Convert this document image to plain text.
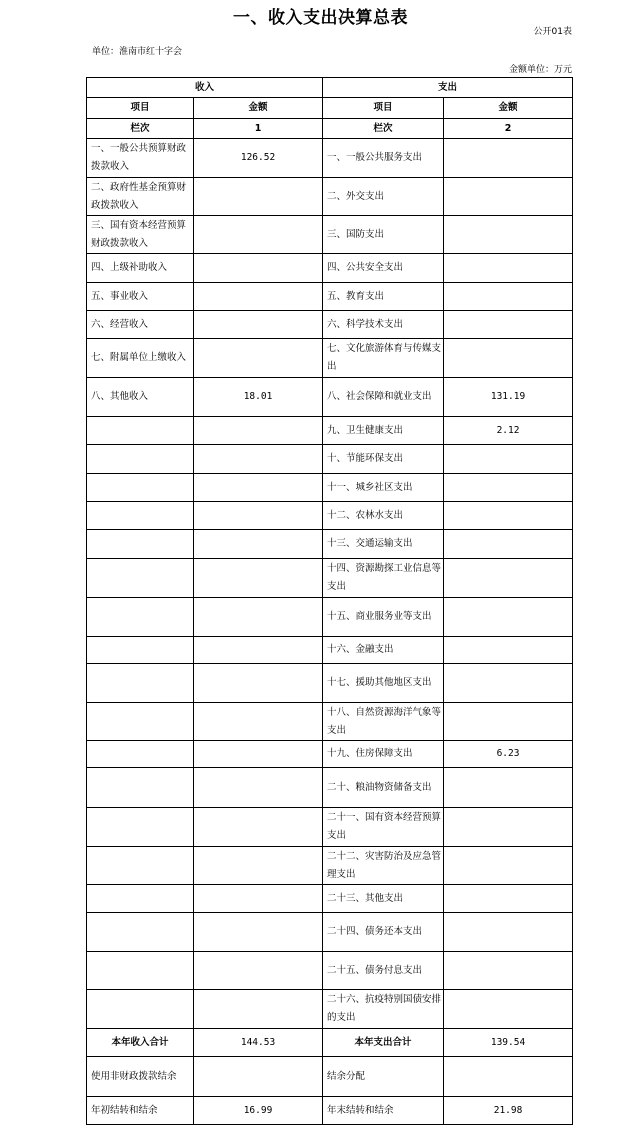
一、收入支出决算总表
公开01表
单位：淮南市红十字会
金额单位：万元
收入		支出	
项目	金额	项目	金额
栏次	1	栏次	2
一、一般公共预算财政拨款收入	126.52	一、一般公共服务支出	
二、政府性基金预算财政拨款收入		二、外交支出	
三、国有资本经营预算财政拨款收入		三、国防支出	
四、上级补助收入		四、公共安全支出	
五、事业收入		五、教育支出	
六、经营收入		六、科学技术支出	
七、附属单位上缴收入		七、文化旅游体育与传媒支出	
八、其他收入	18.01	八、社会保障和就业支出	131.19
		九、卫生健康支出	2.12
		十、节能环保支出	
		十一、城乡社区支出	
		十二、农林水支出	
		十三、交通运输支出	
		十四、资源勘探工业信息等支出	
		十五、商业服务业等支出	
		十六、金融支出	
		十七、援助其他地区支出	
		十八、自然资源海洋气象等支出	
		十九、住房保障支出	6.23
		二十、粮油物资储备支出	
		二十一、国有资本经营预算支出	
		二十二、灾害防治及应急管理支出	
		二十三、其他支出	
		二十四、债务还本支出	
		二十五、债务付息支出	
		二十六、抗疫特别国债安排的支出	
本年收入合计	144.53	本年支出合计	139.54
使用非财政拨款结余		结余分配	
年初结转和结余	16.99	年末结转和结余	21.98
